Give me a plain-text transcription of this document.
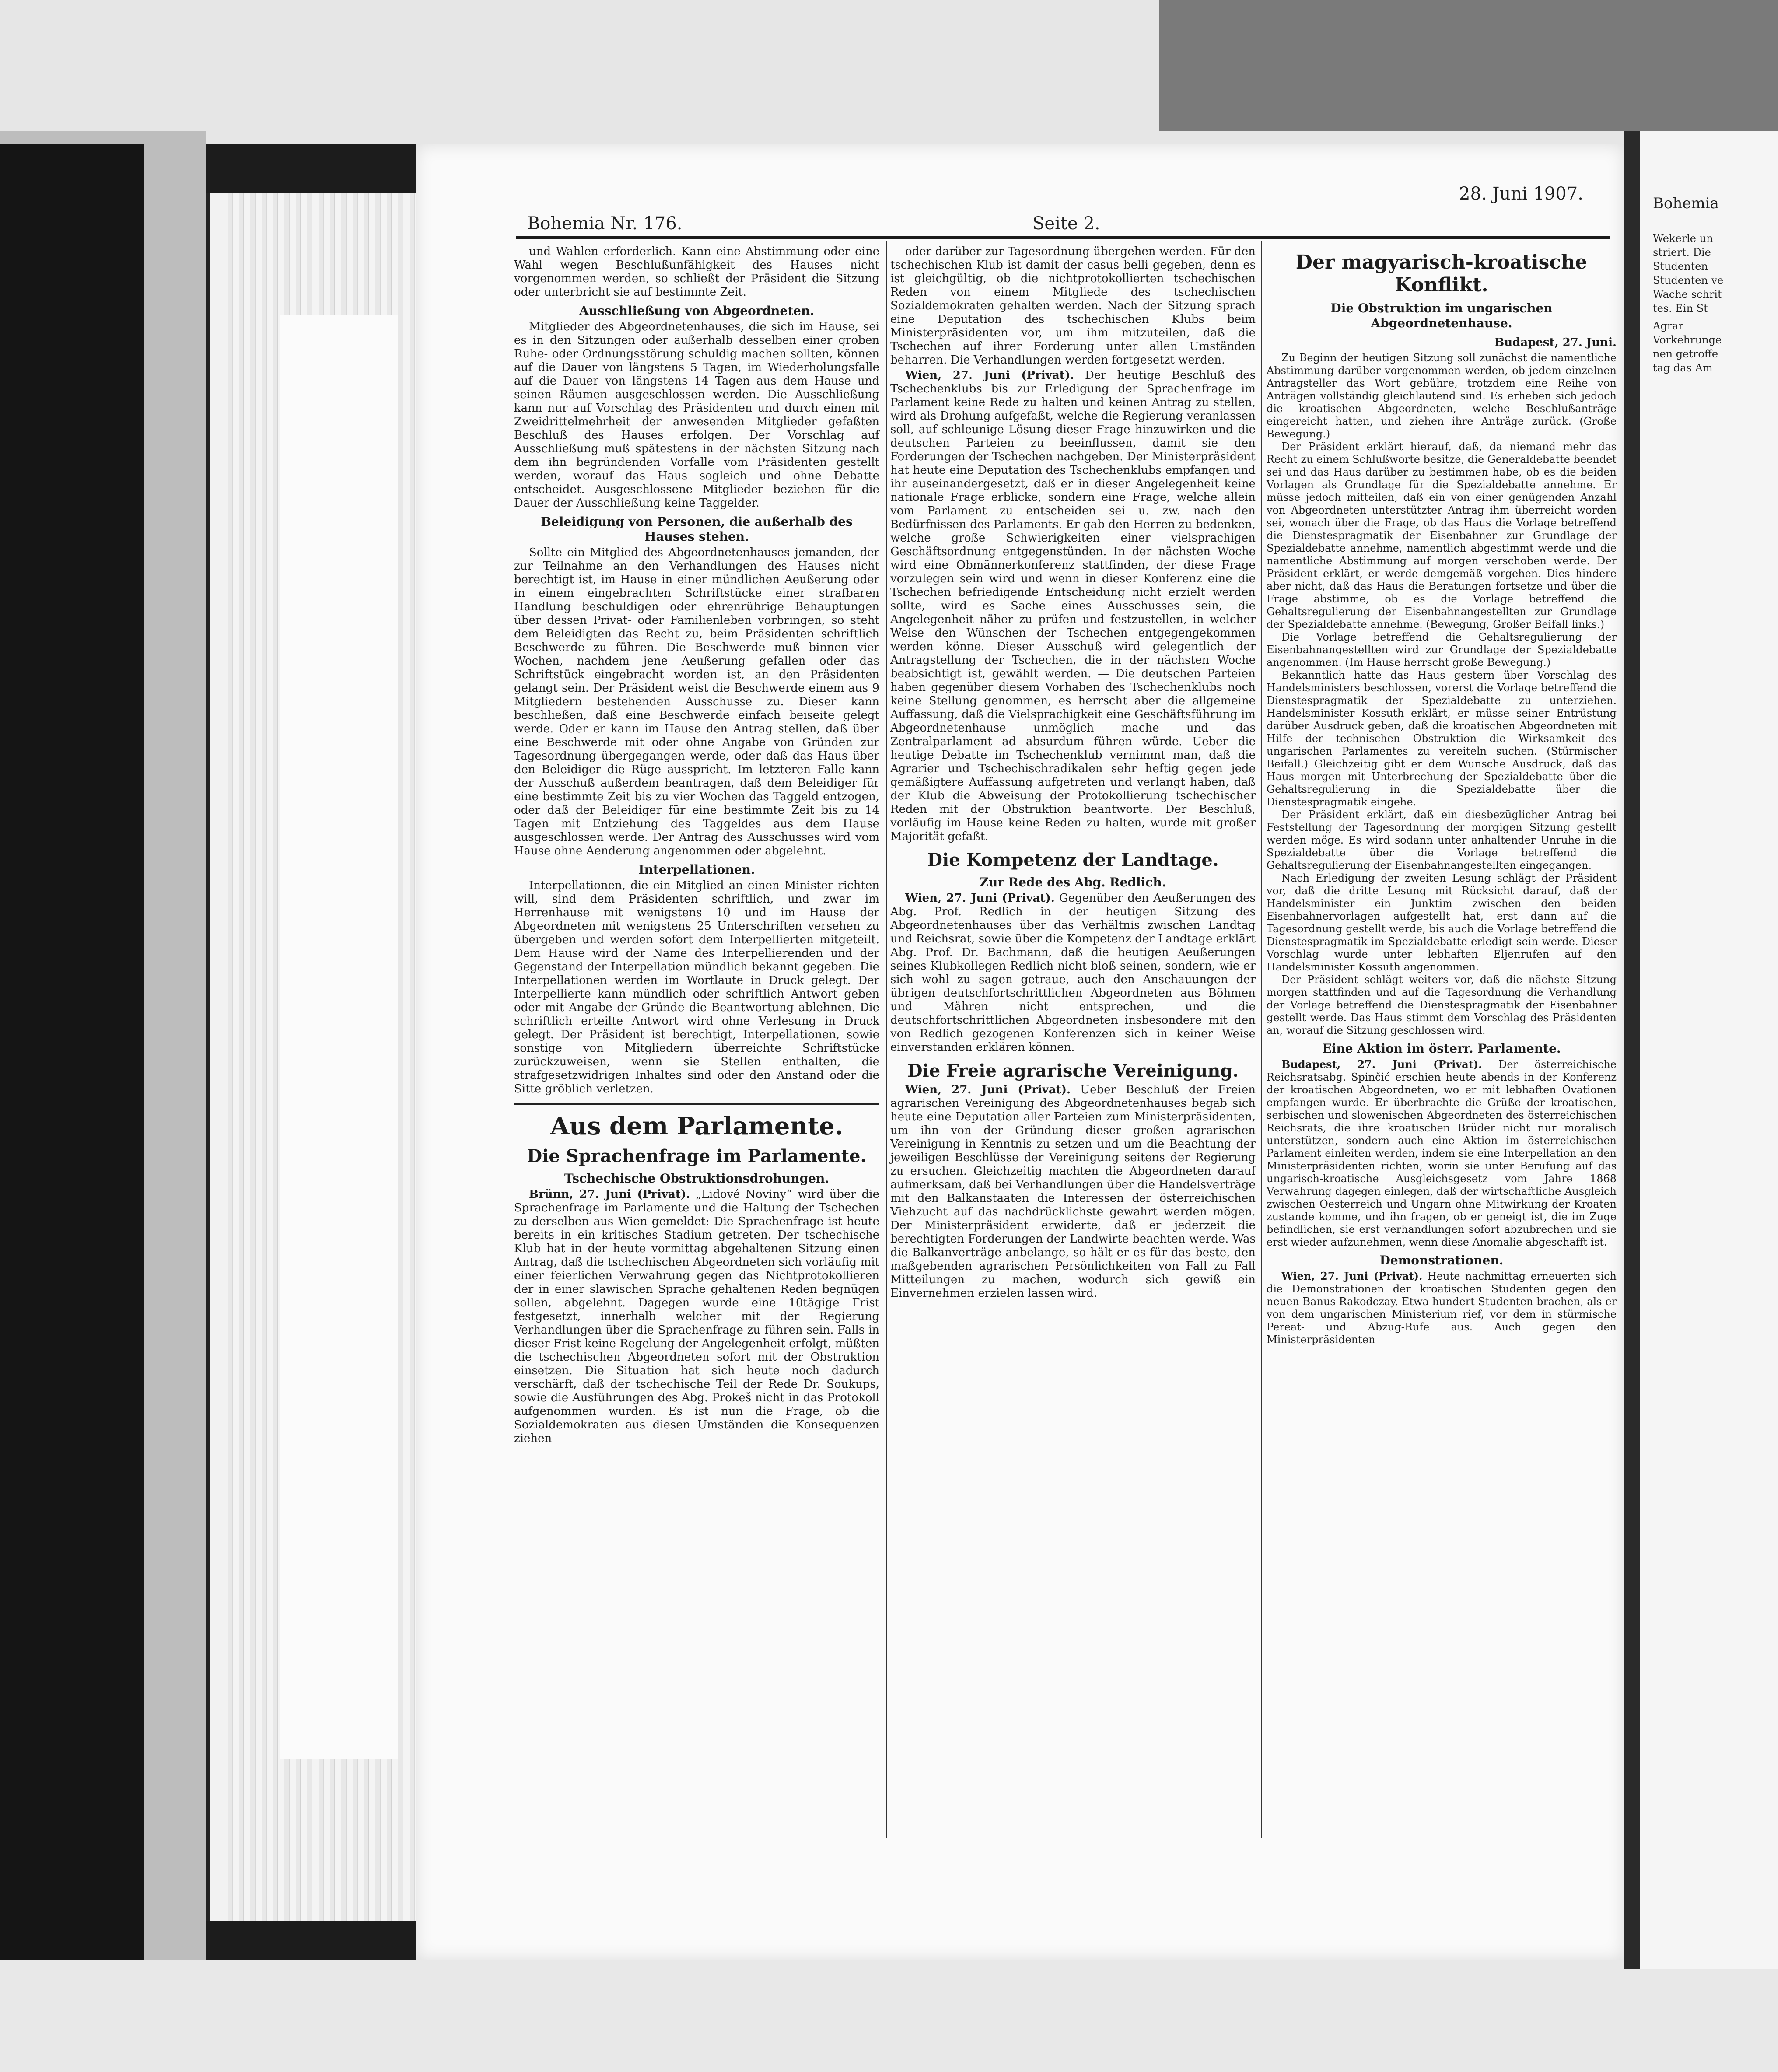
Bohemia
Wekerle un
striert. Die
Studenten
Studenten ve
Wache schrit
tes. Ein St
Agrar
Vorkehrunge
nen getroffe
tag das Am
Bohemia Nr. 176.	Seite 2.
28. Juni 1907.

und Wahlen erforderlich. Kann eine Abstimmung oder eine Wahl wegen Beschlußunfähigkeit des Hauses nicht vorgenommen werden, so schließt der Präsident die Sitzung oder unterbricht sie auf bestimmte Zeit.

Ausschließung von Abgeordneten.

Mitglieder des Abgeordnetenhauses, die sich im Hause, sei es in den Sitzungen oder außerhalb desselben einer groben Ruhe- oder Ordnungsstörung schuldig machen sollten, können auf die Dauer von längstens 5 Tagen, im Wiederholungsfalle auf die Dauer von längstens 14 Tagen aus dem Hause und seinen Räumen ausgeschlossen werden. Die Ausschließung kann nur auf Vorschlag des Präsidenten und durch einen mit Zweidrittelmehrheit der anwesenden Mitglieder gefaßten Beschluß des Hauses erfolgen. Der Vorschlag auf Ausschließung muß spätestens in der nächsten Sitzung nach dem ihn begründenden Vorfalle vom Präsidenten gestellt werden, worauf das Haus sogleich und ohne Debatte entscheidet. Ausgeschlossene Mitglieder beziehen für die Dauer der Ausschließung keine Taggelder.

Beleidigung von Personen, die außerhalb des Hauses stehen.

Sollte ein Mitglied des Abgeordnetenhauses jemanden, der zur Teilnahme an den Verhandlungen des Hauses nicht berechtigt ist, im Hause in einer mündlichen Aeußerung oder in einem eingebrachten Schriftstücke einer strafbaren Handlung beschuldigen oder ehrenrührige Behauptungen über dessen Privat- oder Familienleben vorbringen, so steht dem Beleidigten das Recht zu, beim Präsidenten schriftlich Beschwerde zu führen. Die Beschwerde muß binnen vier Wochen, nachdem jene Aeußerung gefallen oder das Schriftstück eingebracht worden ist, an den Präsidenten gelangt sein. Der Präsident weist die Beschwerde einem aus 9 Mitgliedern bestehenden Ausschusse zu. Dieser kann beschließen, daß eine Beschwerde einfach beiseite gelegt werde. Oder er kann im Hause den Antrag stellen, daß über eine Beschwerde mit oder ohne Angabe von Gründen zur Tagesordnung übergegangen werde, oder daß das Haus über den Beleidiger die Rüge ausspricht. Im letzteren Falle kann der Ausschuß außerdem beantragen, daß dem Beleidiger für eine bestimmte Zeit bis zu vier Wochen das Taggeld entzogen, oder daß der Beleidiger für eine bestimmte Zeit bis zu 14 Tagen mit Entziehung des Taggeldes aus dem Hause ausgeschlossen werde. Der Antrag des Ausschusses wird vom Hause ohne Aenderung angenommen oder abgelehnt.

Interpellationen.

Interpellationen, die ein Mitglied an einen Minister richten will, sind dem Präsidenten schriftlich, und zwar im Herrenhause mit wenigstens 10 und im Hause der Abgeordneten mit wenigstens 25 Unterschriften versehen zu übergeben und werden sofort dem Interpellierten mitgeteilt. Dem Hause wird der Name des Interpellierenden und der Gegenstand der Interpellation mündlich bekannt gegeben. Die Interpellationen werden im Wortlaute in Druck gelegt. Der Interpellierte kann mündlich oder schriftlich Antwort geben oder mit Angabe der Gründe die Beantwortung ablehnen. Die schriftlich erteilte Antwort wird ohne Verlesung in Druck gelegt. Der Präsident ist berechtigt, Interpellationen, sowie sonstige von Mitgliedern überreichte Schriftstücke zurückzuweisen, wenn sie Stellen enthalten, die strafgesetzwidrigen Inhaltes sind oder den Anstand oder die Sitte gröblich verletzen.

Aus dem Parlamente.
Die Sprachenfrage im Parlamente.
Tschechische Obstruktionsdrohungen.

Brünn, 27. Juni (Privat). „Lidové Noviny“ wird über die Sprachenfrage im Parlamente und die Haltung der Tschechen zu derselben aus Wien gemeldet: Die Sprachenfrage ist heute bereits in ein kritisches Stadium getreten. Der tschechische Klub hat in der heute vormittag abgehaltenen Sitzung einen Antrag, daß die tschechischen Abgeordneten sich vorläufig mit einer feierlichen Verwahrung gegen das Nichtprotokollieren der in einer slawischen Sprache gehaltenen Reden begnügen sollen, abgelehnt. Dagegen wurde eine 10tägige Frist festgesetzt, innerhalb welcher mit der Regierung Verhandlungen über die Sprachenfrage zu führen sein. Falls in dieser Frist keine Regelung der Angelegenheit erfolgt, müßten die tschechischen Abgeordneten sofort mit der Obstruktion einsetzen. Die Situation hat sich heute noch dadurch verschärft, daß der tschechische Teil der Rede Dr. Soukups, sowie die Ausführungen des Abg. Prokeš nicht in das Protokoll aufgenommen wurden. Es ist nun die Frage, ob die Sozialdemokraten aus diesen Umständen die Konsequenzen ziehen

oder darüber zur Tagesordnung übergehen werden. Für den tschechischen Klub ist damit der casus belli gegeben, denn es ist gleichgültig, ob die nichtprotokollierten tschechischen Reden von einem Mitgliede des tschechischen Sozialdemokraten gehalten werden. Nach der Sitzung sprach eine Deputation des tschechischen Klubs beim Ministerpräsidenten vor, um ihm mitzuteilen, daß die Tschechen auf ihrer Forderung unter allen Umständen beharren. Die Verhandlungen werden fortgesetzt werden.

Wien, 27. Juni (Privat). Der heutige Beschluß des Tschechenklubs bis zur Erledigung der Sprachenfrage im Parlament keine Rede zu halten und keinen Antrag zu stellen, wird als Drohung aufgefaßt, welche die Regierung veranlassen soll, auf schleunige Lösung dieser Frage hinzuwirken und die deutschen Parteien zu beeinflussen, damit sie den Forderungen der Tschechen nachgeben. Der Ministerpräsident hat heute eine Deputation des Tschechenklubs empfangen und ihr auseinandergesetzt, daß er in dieser Angelegenheit keine nationale Frage erblicke, sondern eine Frage, welche allein vom Parlament zu entscheiden sei u. zw. nach den Bedürfnissen des Parlaments. Er gab den Herren zu bedenken, welche große Schwierigkeiten einer vielsprachigen Geschäftsordnung entgegenstünden. In der nächsten Woche wird eine Obmännerkonferenz stattfinden, der diese Frage vorzulegen sein wird und wenn in dieser Konferenz eine die Tschechen befriedigende Entscheidung nicht erzielt werden sollte, wird es Sache eines Ausschusses sein, die Angelegenheit näher zu prüfen und festzustellen, in welcher Weise den Wünschen der Tschechen entgegengekommen werden könne. Dieser Ausschuß wird gelegentlich der Antragstellung der Tschechen, die in der nächsten Woche beabsichtigt ist, gewählt werden. — Die deutschen Parteien haben gegenüber diesem Vorhaben des Tschechenklubs noch keine Stellung genommen, es herrscht aber die allgemeine Auffassung, daß die Vielsprachigkeit eine Geschäftsführung im Abgeordnetenhause unmöglich mache und das Zentralparlament ad absurdum führen würde. Ueber die heutige Debatte im Tschechenklub vernimmt man, daß die Agrarier und Tschechischradikalen sehr heftig gegen jede gemäßigtere Auffassung aufgetreten und verlangt haben, daß der Klub die Abweisung der Protokollierung tschechischer Reden mit der Obstruktion beantworte. Der Beschluß, vorläufig im Hause keine Reden zu halten, wurde mit großer Majorität gefaßt.

Die Kompetenz der Landtage.
Zur Rede des Abg. Redlich.

Wien, 27. Juni (Privat). Gegenüber den Aeußerungen des Abg. Prof. Redlich in der heutigen Sitzung des Abgeordnetenhauses über das Verhältnis zwischen Landtag und Reichsrat, sowie über die Kompetenz der Landtage erklärt Abg. Prof. Dr. Bachmann, daß die heutigen Aeußerungen seines Klubkollegen Redlich nicht bloß seinen, sondern, wie er sich wohl zu sagen getraue, auch den Anschauungen der übrigen deutschfortschrittlichen Abgeordneten aus Böhmen und Mähren nicht entsprechen, und die deutschfortschrittlichen Abgeordneten insbesondere mit den von Redlich gezogenen Konferenzen sich in keiner Weise einverstanden erklären können.

Die Freie agrarische Vereinigung.

Wien, 27. Juni (Privat). Ueber Beschluß der Freien agrarischen Vereinigung des Abgeordnetenhauses begab sich heute eine Deputation aller Parteien zum Ministerpräsidenten, um ihn von der Gründung dieser großen agrarischen Vereinigung in Kenntnis zu setzen und um die Beachtung der jeweiligen Beschlüsse der Vereinigung seitens der Regierung zu ersuchen. Gleichzeitig machten die Abgeordneten darauf aufmerksam, daß bei Verhandlungen über die Handelsverträge mit den Balkanstaaten die Interessen der österreichischen Viehzucht auf das nachdrücklichste gewahrt werden mögen. Der Ministerpräsident erwiderte, daß er jederzeit die berechtigten Forderungen der Landwirte beachten werde. Was die Balkanverträge anbelange, so hält er es für das beste, den maßgebenden agrarischen Persönlichkeiten von Fall zu Fall Mitteilungen zu machen, wodurch sich gewiß ein Einvernehmen erzielen lassen wird.

Der magyarisch-kroatische Konflikt.
Die Obstruktion im ungarischen Abgeordnetenhause.
Budapest, 27. Juni.

Zu Beginn der heutigen Sitzung soll zunächst die namentliche Abstimmung darüber vorgenommen werden, ob jedem einzelnen Antragsteller das Wort gebühre, trotzdem eine Reihe von Anträgen vollständig gleichlautend sind. Es erheben sich jedoch die kroatischen Abgeordneten, welche Beschlußanträge eingereicht hatten, und ziehen ihre Anträge zurück. (Große Bewegung.)

Der Präsident erklärt hierauf, daß, da niemand mehr das Recht zu einem Schlußworte besitze, die Generaldebatte beendet sei und das Haus darüber zu bestimmen habe, ob es die beiden Vorlagen als Grundlage für die Spezialdebatte annehme. Er müsse jedoch mitteilen, daß ein von einer genügenden Anzahl von Abgeordneten unterstützter Antrag ihm überreicht worden sei, wonach über die Frage, ob das Haus die Vorlage betreffend die Dienstespragmatik der Eisenbahner zur Grundlage der Spezialdebatte annehme, namentlich abgestimmt werde und die namentliche Abstimmung auf morgen verschoben werde. Der Präsident erklärt, er werde demgemäß vorgehen. Dies hindere aber nicht, daß das Haus die Beratungen fortsetze und über die Frage abstimme, ob es die Vorlage betreffend die Gehaltsregulierung der Eisenbahnangestellten zur Grundlage der Spezialdebatte annehme. (Bewegung, Großer Beifall links.)

Die Vorlage betreffend die Gehaltsregulierung der Eisenbahnangestellten wird zur Grundlage der Spezialdebatte angenommen. (Im Hause herrscht große Bewegung.)

Bekanntlich hatte das Haus gestern über Vorschlag des Handelsministers beschlossen, vorerst die Vorlage betreffend die Dienstespragmatik der Spezialdebatte zu unterziehen. Handelsminister Kossuth erklärt, er müsse seiner Entrüstung darüber Ausdruck geben, daß die kroatischen Abgeordneten mit Hilfe der technischen Obstruktion die Wirksamkeit des ungarischen Parlamentes zu vereiteln suchen. (Stürmischer Beifall.) Gleichzeitig gibt er dem Wunsche Ausdruck, daß das Haus morgen mit Unterbrechung der Spezialdebatte über die Gehaltsregulierung in die Spezialdebatte über die Dienstespragmatik eingehe.

Der Präsident erklärt, daß ein diesbezüglicher Antrag bei Feststellung der Tagesordnung der morgigen Sitzung gestellt werden möge. Es wird sodann unter anhaltender Unruhe in die Spezialdebatte über die Vorlage betreffend die Gehaltsregulierung der Eisenbahnangestellten eingegangen.

Nach Erledigung der zweiten Lesung schlägt der Präsident vor, daß die dritte Lesung mit Rücksicht darauf, daß der Handelsminister ein Junktim zwischen den beiden Eisenbahnervorlagen aufgestellt hat, erst dann auf die Tagesordnung gestellt werde, bis auch die Vorlage betreffend die Dienstespragmatik im Spezialdebatte erledigt sein werde. Dieser Vorschlag wurde unter lebhaften Eljenrufen auf den Handelsminister Kossuth angenommen.

Der Präsident schlägt weiters vor, daß die nächste Sitzung morgen stattfinden und auf die Tagesordnung die Verhandlung der Vorlage betreffend die Dienstespragmatik der Eisenbahner gestellt werde. Das Haus stimmt dem Vorschlag des Präsidenten an, worauf die Sitzung geschlossen wird.

Eine Aktion im österr. Parlamente.

Budapest, 27. Juni (Privat). Der österreichische Reichsratsabg. Spinčić erschien heute abends in der Konferenz der kroatischen Abgeordneten, wo er mit lebhaften Ovationen empfangen wurde. Er überbrachte die Grüße der kroatischen, serbischen und slowenischen Abgeordneten des österreichischen Reichsrats, die ihre kroatischen Brüder nicht nur moralisch unterstützen, sondern auch eine Aktion im österreichischen Parlament einleiten werden, indem sie eine Interpellation an den Ministerpräsidenten richten, worin sie unter Berufung auf das ungarisch-kroatische Ausgleichsgesetz vom Jahre 1868 Verwahrung dagegen einlegen, daß der wirtschaftliche Ausgleich zwischen Oesterreich und Ungarn ohne Mitwirkung der Kroaten zustande komme, und ihn fragen, ob er geneigt ist, die im Zuge befindlichen, sie erst verhandlungen sofort abzubrechen und sie erst wieder aufzunehmen, wenn diese Anomalie abgeschafft ist.

Demonstrationen.

Wien, 27. Juni (Privat). Heute nachmittag erneuerten sich die Demonstrationen der kroatischen Studenten gegen den neuen Banus Rakodczay. Etwa hundert Studenten brachen, als er von dem ungarischen Ministerium rief, vor dem in stürmische Pereat- und Abzug-Rufe aus. Auch gegen den Ministerpräsidenten
